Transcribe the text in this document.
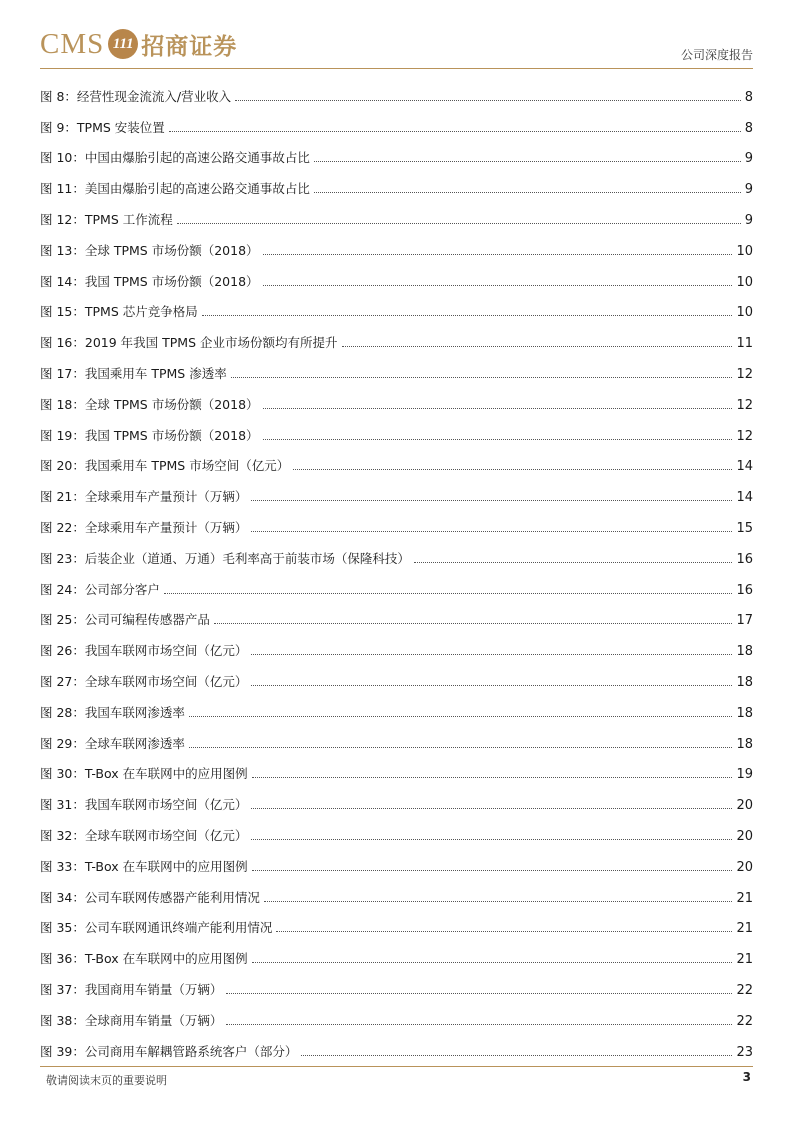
CMS 111 招商证券	公司深度报告
图 8：经营性现金流流入/营业收入	8
图 9：TPMS 安装位置	8
图 10：中国由爆胎引起的高速公路交通事故占比	9
图 11：美国由爆胎引起的高速公路交通事故占比	9
图 12：TPMS 工作流程	9
图 13：全球 TPMS 市场份额（2018）	10
图 14：我国 TPMS 市场份额（2018）	10
图 15：TPMS 芯片竞争格局	10
图 16：2019 年我国 TPMS 企业市场份额均有所提升	11
图 17：我国乘用车 TPMS 渗透率	12
图 18：全球 TPMS 市场份额（2018）	12
图 19：我国 TPMS 市场份额（2018）	12
图 20：我国乘用车 TPMS 市场空间（亿元）	14
图 21：全球乘用车产量预计（万辆）	14
图 22：全球乘用车产量预计（万辆）	15
图 23：后装企业（道通、万通）毛利率高于前装市场（保隆科技）	16
图 24：公司部分客户	16
图 25：公司可编程传感器产品	17
图 26：我国车联网市场空间（亿元）	18
图 27：全球车联网市场空间（亿元）	18
图 28：我国车联网渗透率	18
图 29：全球车联网渗透率	18
图 30：T-Box 在车联网中的应用图例	19
图 31：我国车联网市场空间（亿元）	20
图 32：全球车联网市场空间（亿元）	20
图 33：T-Box 在车联网中的应用图例	20
图 34：公司车联网传感器产能利用情况	21
图 35：公司车联网通讯终端产能利用情况	21
图 36：T-Box 在车联网中的应用图例	21
图 37：我国商用车销量（万辆）	22
图 38：全球商用车销量（万辆）	22
图 39：公司商用车解耦管路系统客户（部分）	23
敬请阅读末页的重要说明	3
